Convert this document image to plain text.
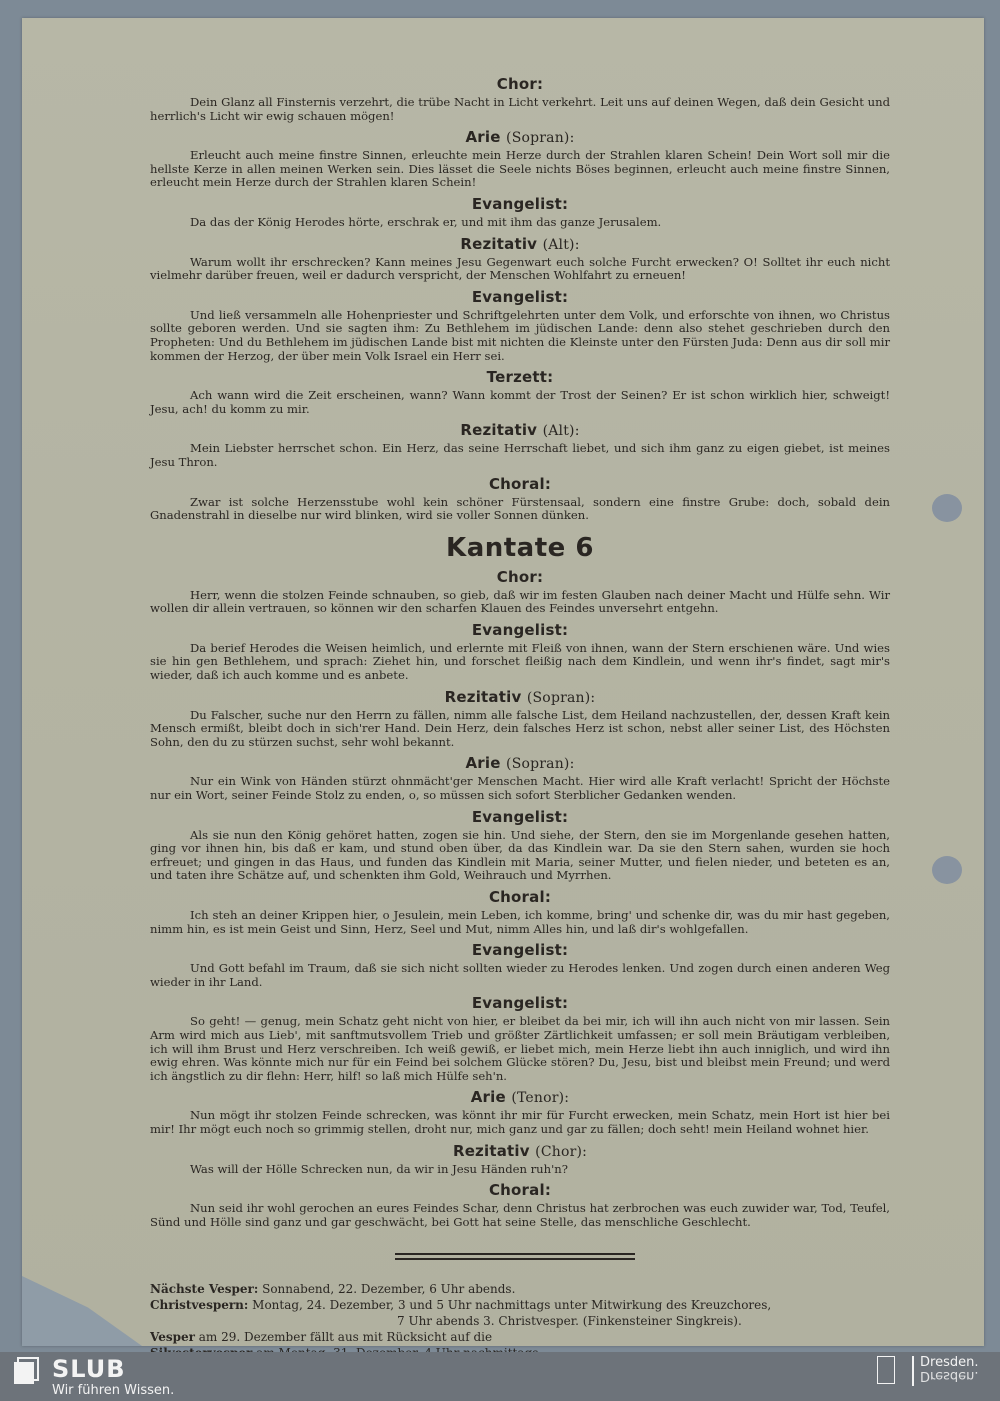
Chor:

Dein Glanz all Finsternis verzehrt, die trübe Nacht in Licht verkehrt. Leit uns auf deinen Wegen, daß dein Gesicht und herrlich's Licht wir ewig schauen mögen!

Arie (Sopran):

Erleucht auch meine finstre Sinnen, erleuchte mein Herze durch der Strahlen klaren Schein! Dein Wort soll mir die hellste Kerze in allen meinen Werken sein. Dies lässet die Seele nichts Böses beginnen, erleucht auch meine finstre Sinnen, erleucht mein Herze durch der Strahlen klaren Schein!

Evangelist:

Da das der König Herodes hörte, erschrak er, und mit ihm das ganze Jerusalem.

Rezitativ (Alt):

Warum wollt ihr erschrecken? Kann meines Jesu Gegenwart euch solche Furcht erwecken? O! Solltet ihr euch nicht vielmehr darüber freuen, weil er dadurch verspricht, der Menschen Wohlfahrt zu erneuen!

Evangelist:

Und ließ versammeln alle Hohenpriester und Schriftgelehrten unter dem Volk, und erforschte von ihnen, wo Christus sollte geboren werden. Und sie sagten ihm: Zu Bethlehem im jüdischen Lande: denn also stehet geschrieben durch den Propheten: Und du Bethlehem im jüdischen Lande bist mit nichten die Kleinste unter den Fürsten Juda: Denn aus dir soll mir kommen der Herzog, der über mein Volk Israel ein Herr sei.

Terzett:

Ach wann wird die Zeit erscheinen, wann? Wann kommt der Trost der Seinen? Er ist schon wirklich hier, schweigt! Jesu, ach! du komm zu mir.

Rezitativ (Alt):

Mein Liebster herrschet schon. Ein Herz, das seine Herrschaft liebet, und sich ihm ganz zu eigen giebet, ist meines Jesu Thron.

Choral:

Zwar ist solche Herzensstube wohl kein schöner Fürstensaal, sondern eine finstre Grube: doch, sobald dein Gnadenstrahl in dieselbe nur wird blinken, wird sie voller Sonnen dünken.

Kantate 6
Chor:

Herr, wenn die stolzen Feinde schnauben, so gieb, daß wir im festen Glauben nach deiner Macht und Hülfe sehn. Wir wollen dir allein vertrauen, so können wir den scharfen Klauen des Feindes unversehrt entgehn.

Evangelist:

Da berief Herodes die Weisen heimlich, und erlernte mit Fleiß von ihnen, wann der Stern erschienen wäre. Und wies sie hin gen Bethlehem, und sprach: Ziehet hin, und forschet fleißig nach dem Kindlein, und wenn ihr's findet, sagt mir's wieder, daß ich auch komme und es anbete.

Rezitativ (Sopran):

Du Falscher, suche nur den Herrn zu fällen, nimm alle falsche List, dem Heiland nachzustellen, der, dessen Kraft kein Mensch ermißt, bleibt doch in sich'rer Hand. Dein Herz, dein falsches Herz ist schon, nebst aller seiner List, des Höchsten Sohn, den du zu stürzen suchst, sehr wohl bekannt.

Arie (Sopran):

Nur ein Wink von Händen stürzt ohnmächt'ger Menschen Macht. Hier wird alle Kraft verlacht! Spricht der Höchste nur ein Wort, seiner Feinde Stolz zu enden, o, so müssen sich sofort Sterblicher Gedanken wenden.

Evangelist:

Als sie nun den König gehöret hatten, zogen sie hin. Und siehe, der Stern, den sie im Morgenlande gesehen hatten, ging vor ihnen hin, bis daß er kam, und stund oben über, da das Kindlein war. Da sie den Stern sahen, wurden sie hoch erfreuet; und gingen in das Haus, und funden das Kindlein mit Maria, seiner Mutter, und fielen nieder, und beteten es an, und taten ihre Schätze auf, und schenkten ihm Gold, Weihrauch und Myrrhen.

Choral:

Ich steh an deiner Krippen hier, o Jesulein, mein Leben, ich komme, bring' und schenke dir, was du mir hast gegeben, nimm hin, es ist mein Geist und Sinn, Herz, Seel und Mut, nimm Alles hin, und laß dir's wohlgefallen.

Evangelist:

Und Gott befahl im Traum, daß sie sich nicht sollten wieder zu Herodes lenken. Und zogen durch einen anderen Weg wieder in ihr Land.

Evangelist:

So geht! — genug, mein Schatz geht nicht von hier, er bleibet da bei mir, ich will ihn auch nicht von mir lassen. Sein Arm wird mich aus Lieb', mit sanftmutsvollem Trieb und größter Zärtlichkeit umfassen; er soll mein Bräutigam verbleiben, ich will ihm Brust und Herz verschreiben. Ich weiß gewiß, er liebet mich, mein Herze liebt ihn auch inniglich, und wird ihn ewig ehren. Was könnte mich nur für ein Feind bei solchem Glücke stören? Du, Jesu, bist und bleibst mein Freund; und werd ich ängstlich zu dir flehn: Herr, hilf! so laß mich Hülfe seh'n.

Arie (Tenor):

Nun mögt ihr stolzen Feinde schrecken, was könnt ihr mir für Furcht erwecken, mein Schatz, mein Hort ist hier bei mir! Ihr mögt euch noch so grimmig stellen, droht nur, mich ganz und gar zu fällen; doch seht! mein Heiland wohnet hier.

Rezitativ (Chor):

Was will der Hölle Schrecken nun, da wir in Jesu Händen ruh'n?

Choral:

Nun seid ihr wohl gerochen an eures Feindes Schar, denn Christus hat zerbrochen was euch zuwider war, Tod, Teufel, Sünd und Hölle sind ganz und gar geschwächt, bei Gott hat seine Stelle, das menschliche Geschlecht.

Nächste Vesper: Sonnabend, 22. Dezember, 6 Uhr abends.
Christvespern: Montag, 24. Dezember, 3 und 5 Uhr nachmittags unter Mitwirkung des Kreuzchores,
7 Uhr abends 3. Christvesper. (Finkensteiner Singkreis).
Vesper am 29. Dezember fällt aus mit Rücksicht auf die
SLUB
Wir führen Wissen.
Dresden.
Dresden.
